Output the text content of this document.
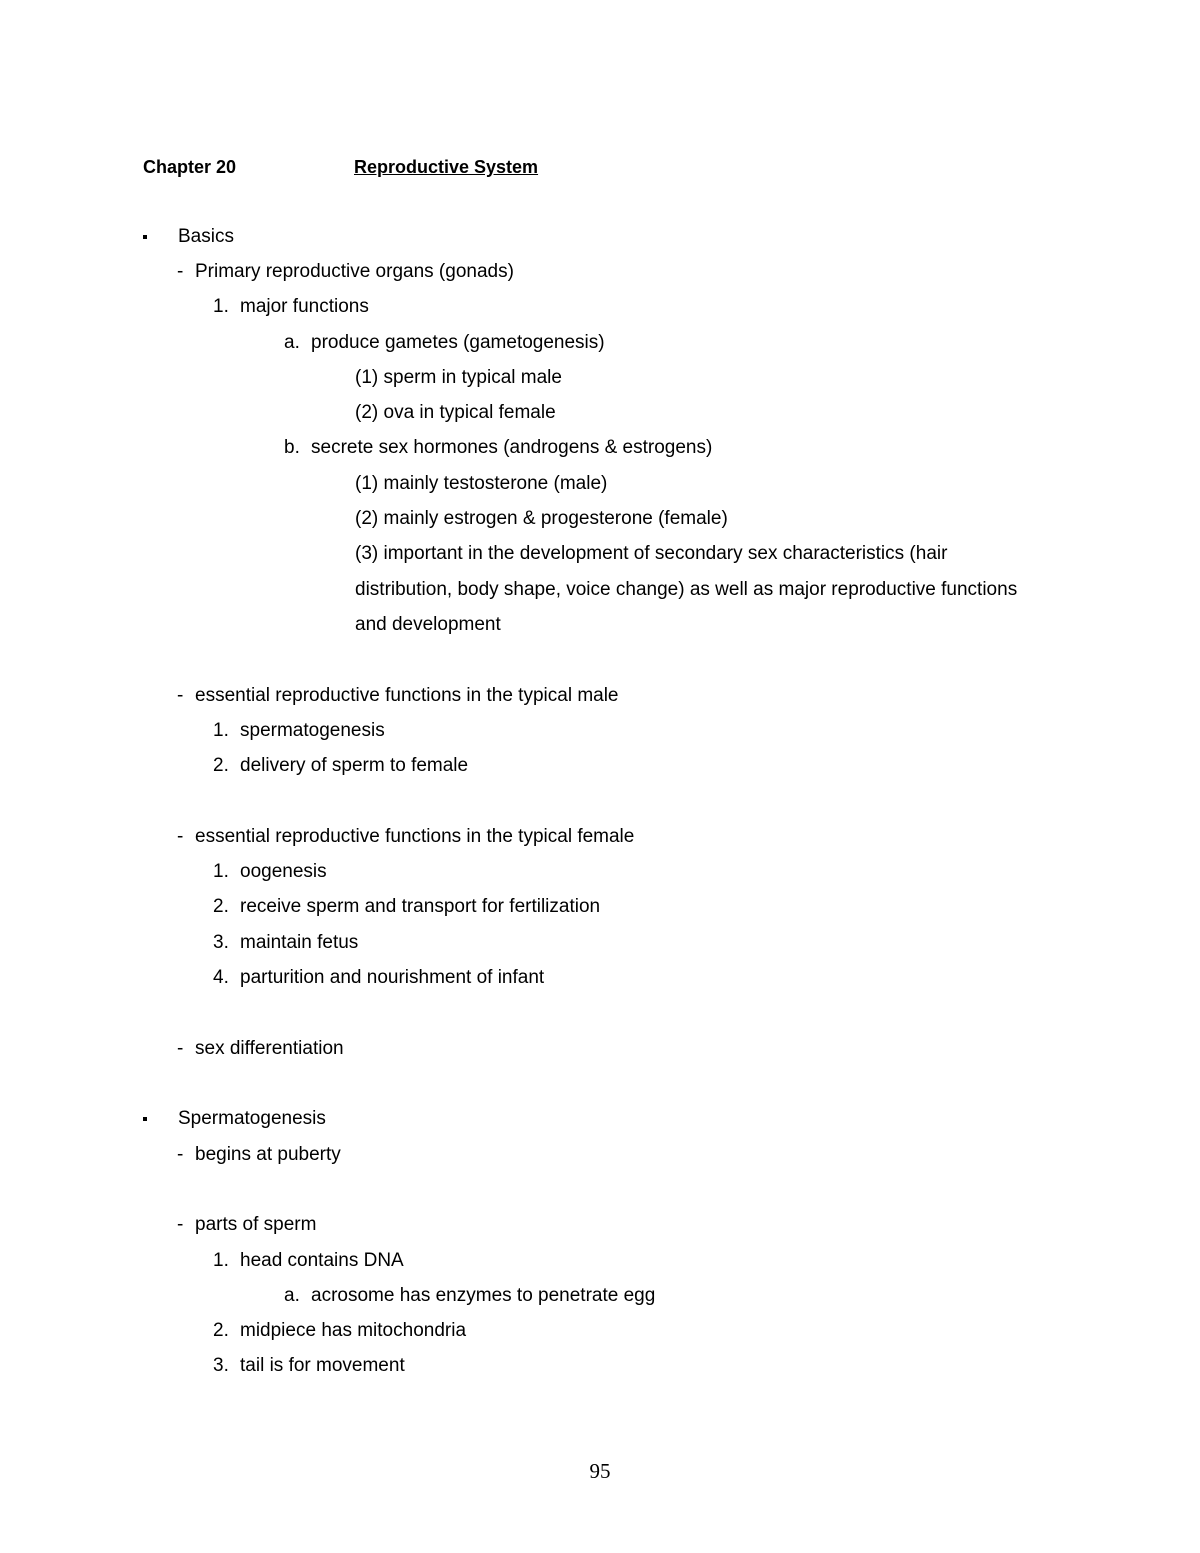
Chapter 20	Reproductive System
Basics
- Primary reproductive organs (gonads)
1. major functions
a. produce gametes (gametogenesis)
(1) sperm in typical male
(2) ova in typical female
b. secrete sex hormones (androgens & estrogens)
(1) mainly testosterone (male)
(2) mainly estrogen & progesterone (female)
(3) important in the development of secondary sex characteristics (hair
distribution, body shape, voice change) as well as major reproductive functions
and development
- essential reproductive functions in the typical male
1. spermatogenesis
2. delivery of sperm to female
- essential reproductive functions in the typical female
1. oogenesis
2. receive sperm and transport for fertilization
3. maintain fetus
4. parturition and nourishment of infant
- sex differentiation
Spermatogenesis
- begins at puberty
- parts of sperm
1. head contains DNA
a. acrosome has enzymes to penetrate egg
2. midpiece has mitochondria
3. tail is for movement
95
